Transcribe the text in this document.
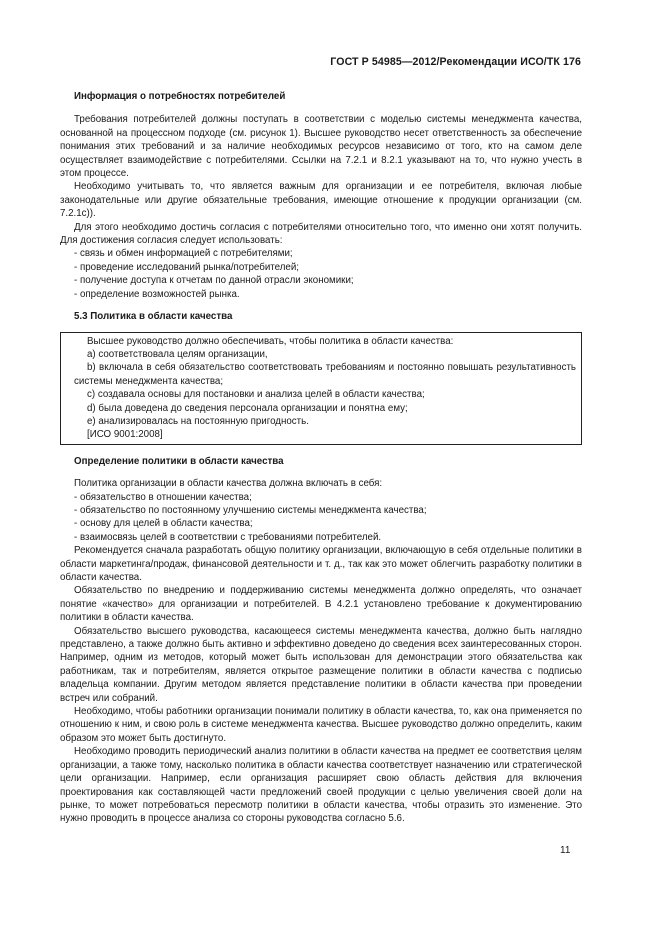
ГОСТ Р 54985—2012/Рекомендации ИСО/ТК 176

Информация о потребностях потребителей

Требования потребителей должны поступать в соответствии с моделью системы менеджмента качества, основанной на процессном подходе (см. рисунок 1). Высшее руководство несет ответственность за обеспечение понимания этих требований и за наличие необходимых ресурсов независимо от того, кто на самом деле осуществляет взаимодействие с потребителями. Ссылки на 7.2.1 и 8.2.1 указывают на то, что нужно учесть в этом процессе.

Необходимо учитывать то, что является важным для организации и ее потребителя, включая любые законодательные или другие обязательные требования, имеющие отношение к продукции организации (см. 7.2.1с)).

Для этого необходимо достичь согласия с потребителями относительно того, что именно они хотят получить. Для достижения согласия следует использовать:

- связь и обмен информацией с потребителями;

- проведение исследований рынка/потребителей;

- получение доступа к отчетам по данной отрасли экономики;

- определение возможностей рынка.

5.3 Политика в области качества

Высшее руководство должно обеспечивать, чтобы политика в области качества:

a) соответствовала целям организации,

b) включала в себя обязательство соответствовать требованиям и постоянно повышать результативность системы менеджмента качества;

c) создавала основы для постановки и анализа целей в области качества;

d) была доведена до сведения персонала организации и понятна ему;

e) анализировалась на постоянную пригодность.

[ИСО 9001:2008]

Определение политики в области качества

Политика организации в области качества должна включать в себя:

- обязательство в отношении качества;

- обязательство по постоянному улучшению системы менеджмента качества;

- основу для целей в области качества;

- взаимосвязь целей в соответствии с требованиями потребителей.

Рекомендуется сначала разработать общую политику организации, включающую в себя отдельные политики в области маркетинга/продаж, финансовой деятельности и т. д., так как это может облегчить разработку политики в области качества.

Обязательство по внедрению и поддерживанию системы менеджмента должно определять, что означает понятие «качество» для организации и потребителей. В 4.2.1 установлено требование к документированию политики в области качества.

Обязательство высшего руководства, касающееся системы менеджмента качества, должно быть наглядно представлено, а также должно быть активно и эффективно доведено до сведения всех заинтересованных сторон. Например, одним из методов, который может быть использован для демонстрации этого обязательства как работникам, так и потребителям, является открытое размещение политики в области качества с подписью владельца компании. Другим методом является представление политики в области качества при проведении встреч или собраний.

Необходимо, чтобы работники организации понимали политику в области качества, то, как она применяется по отношению к ним, и свою роль в системе менеджмента качества. Высшее руководство должно определить, каким образом это может быть достигнуто.

Необходимо проводить периодический анализ политики в области качества на предмет ее соответствия целям организации, а также тому, насколько политика в области качества соответствует назначению или стратегической цели организации. Например, если организация расширяет свою область действия для включения проектирования как составляющей части предложений своей продукции с целью увеличения своей доли на рынке, то может потребоваться пересмотр политики в области качества, чтобы отразить это изменение. Это нужно проводить в процессе анализа со стороны руководства согласно 5.6.

11
